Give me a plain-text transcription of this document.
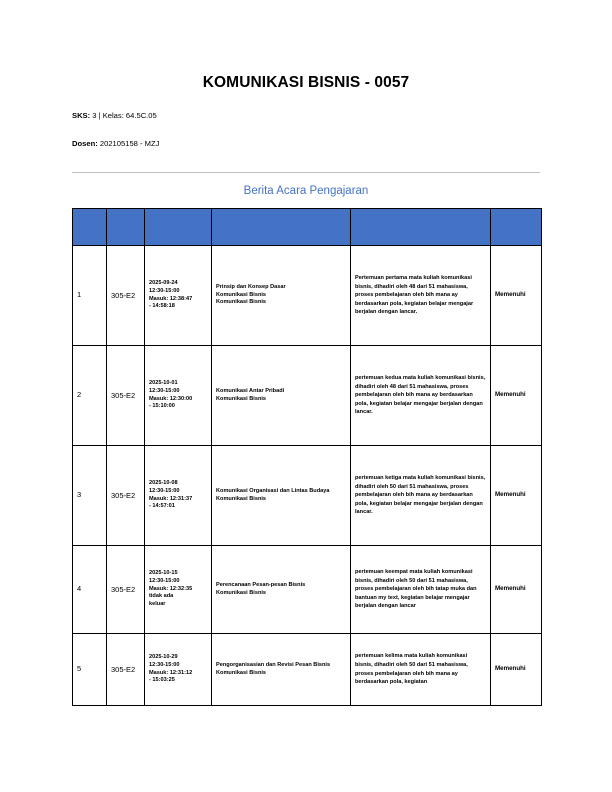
KOMUNIKASI BISNIS - 0057
SKS: 3 | Kelas: 64.5C.05
Dosen: 202105158 - MZJ
Berita Acara Pengajaran

1	305-E2	2025-09-24
12:30-15:00
Masuk: 12:38:47
- 14:58:18	Prinsip dan Konsep Dasar
Komunikasi Bisnis
Komunikasi Bisnis	Pertemuan pertama mata kuliah komunikasi bisnis, dihadiri oleh 48 dari 51 mahasiswa, proses pembelajaran oleh bih mana ay berdasarkan pola, kegiatan belajar mengajar berjalan dengan lancar.	Memenuhi
2	305-E2	2025-10-01
12:30-15:00
Masuk: 12:30:00
- 15:10:00	Komunikasi Antar Pribadi
Komunikasi Bisnis	pertemuan kedua mata kuliah komunikasi bisnis, dihadiri oleh 48 dari 51 mahasiswa, proses pembelajaran oleh bih mana ay berdasarkan pola, kegiatan belajar mengajar berjalan dengan lancar.	Memenuhi
3	305-E2	2025-10-08
12:30-15:00
Masuk: 12:31:37
- 14:57:01	Komunikasi Organisasi dan Lintas Budaya
Komunikasi Bisnis	pertemuan ketiga mata kuliah komunikasi bisnis, dihadiri oleh 50 dari 51 mahasiswa, proses pembelajaran oleh bih mana ay berdasarkan pola, kegiatan belajar mengajar berjalan dengan lancar.	Memenuhi
4	305-E2	2025-10-15
12:30-15:00
Masuk: 12:32:35
tidak ada
keluar	Perencanaan Pesan-pesan Bisnis
Komunikasi Bisnis	pertemuan keempat mata kuliah komunikasi bisnis, dihadiri oleh 50 dari 51 mahasiswa, proses pembelajaran oleh bih tatap muka dan bantuan my text, kegiatan belajar mengajar berjalan dengan lancar	Memenuhi
5	305-E2	2025-10-29
12:30-15:00
Masuk: 12:31:12
- 15:03:25	Pengorganisasian dan Revisi Pesan Bisnis
Komunikasi Bisnis	pertemuan kelima mata kuliah komunikasi bisnis, dihadiri oleh 50 dari 51 mahasiswa, proses pembelajaran oleh bih mana ay berdasarkan pola, kegiatan	Memenuhi
